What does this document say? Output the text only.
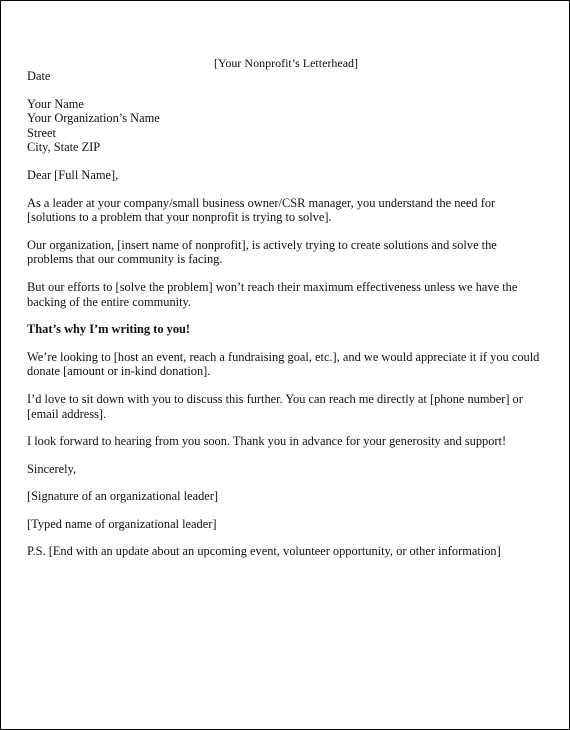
[Your Nonprofit’s Letterhead]

Date

Your Name
Your Organization’s Name
Street
City, State ZIP

Dear [Full Name],

As a leader at your company/small business owner/CSR manager, you understand the need for [solutions to a problem that your nonprofit is trying to solve].

Our organization, [insert name of nonprofit], is actively trying to create solutions and solve the problems that our community is facing.

But our efforts to [solve the problem] won’t reach their maximum effectiveness unless we have the backing of the entire community.

That’s why I’m writing to you!

We’re looking to [host an event, reach a fundraising goal, etc.], and we would appreciate it if you could donate [amount or in-kind donation].

I’d love to sit down with you to discuss this further. You can reach me directly at [phone number] or [email address].

I look forward to hearing from you soon. Thank you in advance for your generosity and support!

Sincerely,

[Signature of an organizational leader]

[Typed name of organizational leader]

P.S. [End with an update about an upcoming event, volunteer opportunity, or other information]
